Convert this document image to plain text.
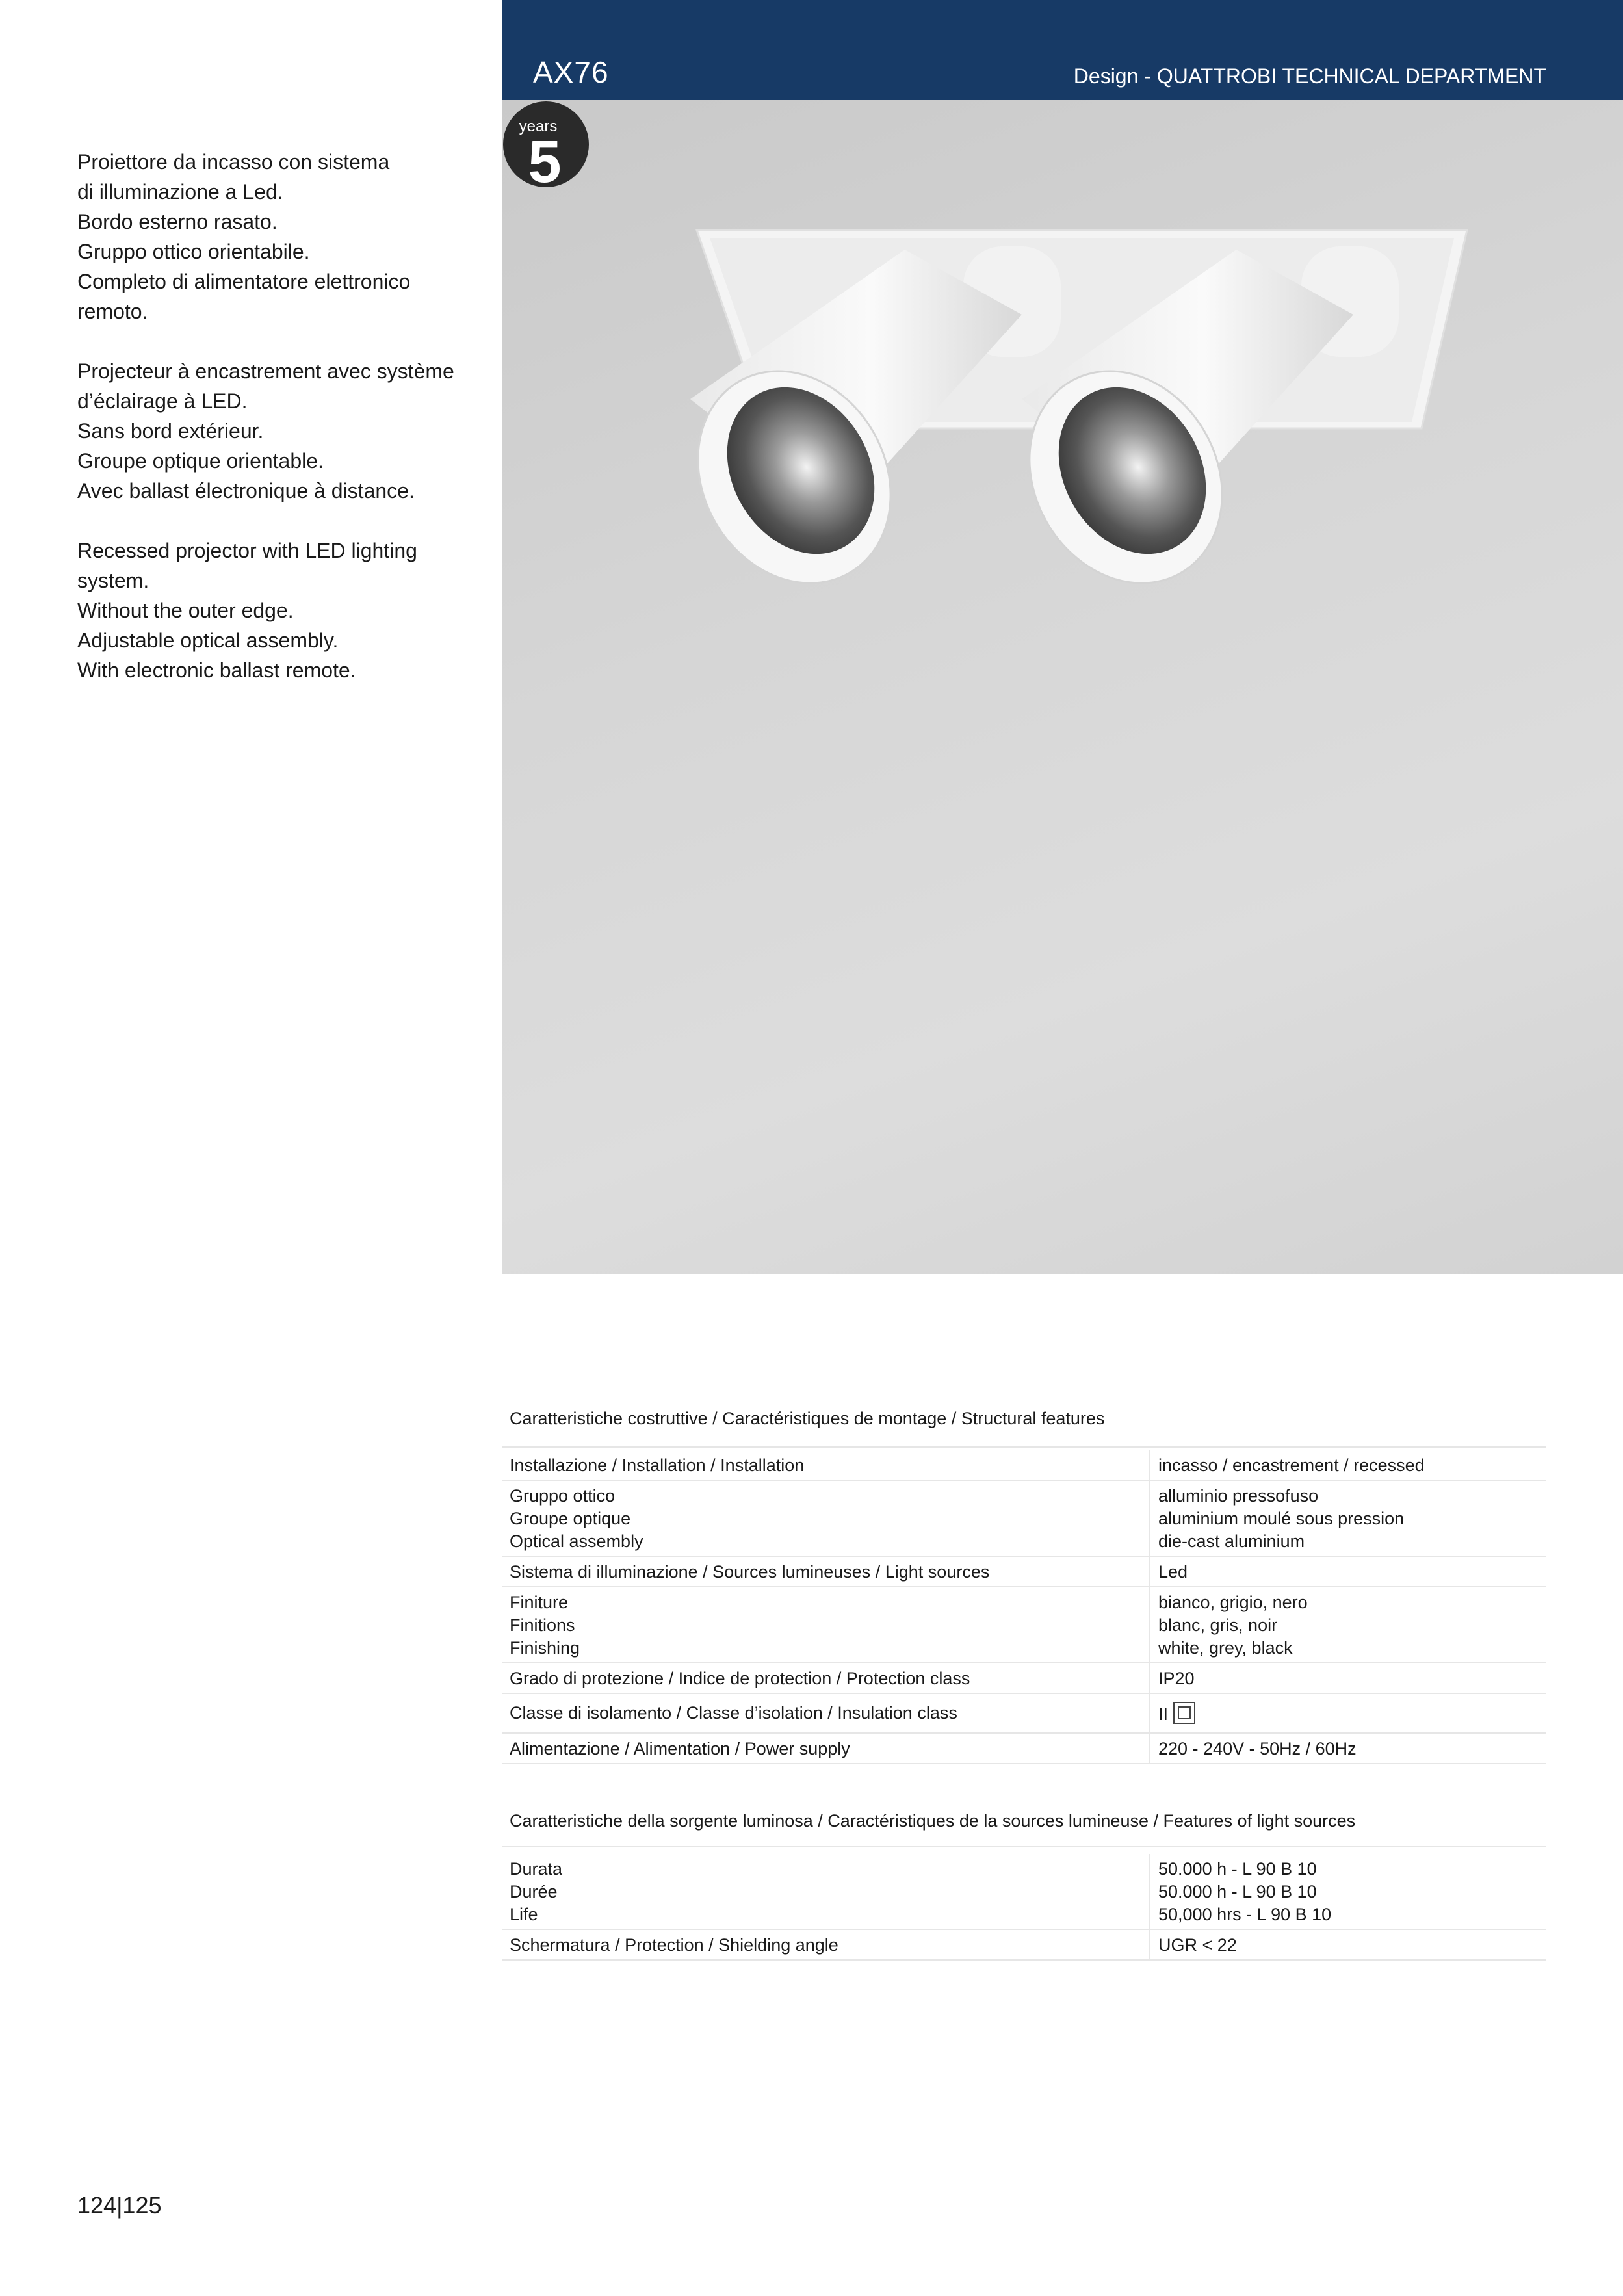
AX76	Design - QUATTROBI TECHNICAL DEPARTMENT
Proiettore da incasso con sistema
di illuminazione a Led.
Bordo esterno rasato.
Gruppo ottico orientabile.
Completo di alimentatore elettronico
remoto.
Projecteur à encastrement avec système
d’éclairage à LED.
Sans bord extérieur.
Groupe optique orientable.
Avec ballast électronique à distance.
Recessed projector with LED lighting
system.
Without the outer edge.
Adjustable optical assembly.
With electronic ballast remote.
years
5
Caratteristiche costruttive / Caractéristiques de montage / Structural features
Installazione / Installation / Installation	incasso / encastrement / recessed

Gruppo ottico
Groupe optique
Optical assembly	alluminio pressofuso
aluminium moulé sous pression
die-cast aluminium

Sistema di illuminazione / Sources lumineuses / Light sources	Led

Finiture
Finitions
Finishing	bianco, grigio, nero
blanc, gris, noir
white, grey, black

Grado di protezione / Indice de protection / Protection class	IP20

Classe di isolamento / Classe d’isolation / Insulation class	II

Alimentazione / Alimentation / Power supply	220 - 240V - 50Hz / 60Hz
Caratteristiche della sorgente luminosa / Caractéristiques de la sources lumineuse / Features of light sources
Durata
Durée
Life	50.000 h - L 90 B 10
50.000 h - L 90 B 10
50,000 hrs - L 90 B 10

Schermatura / Protection / Shielding angle	UGR < 22
124|125
